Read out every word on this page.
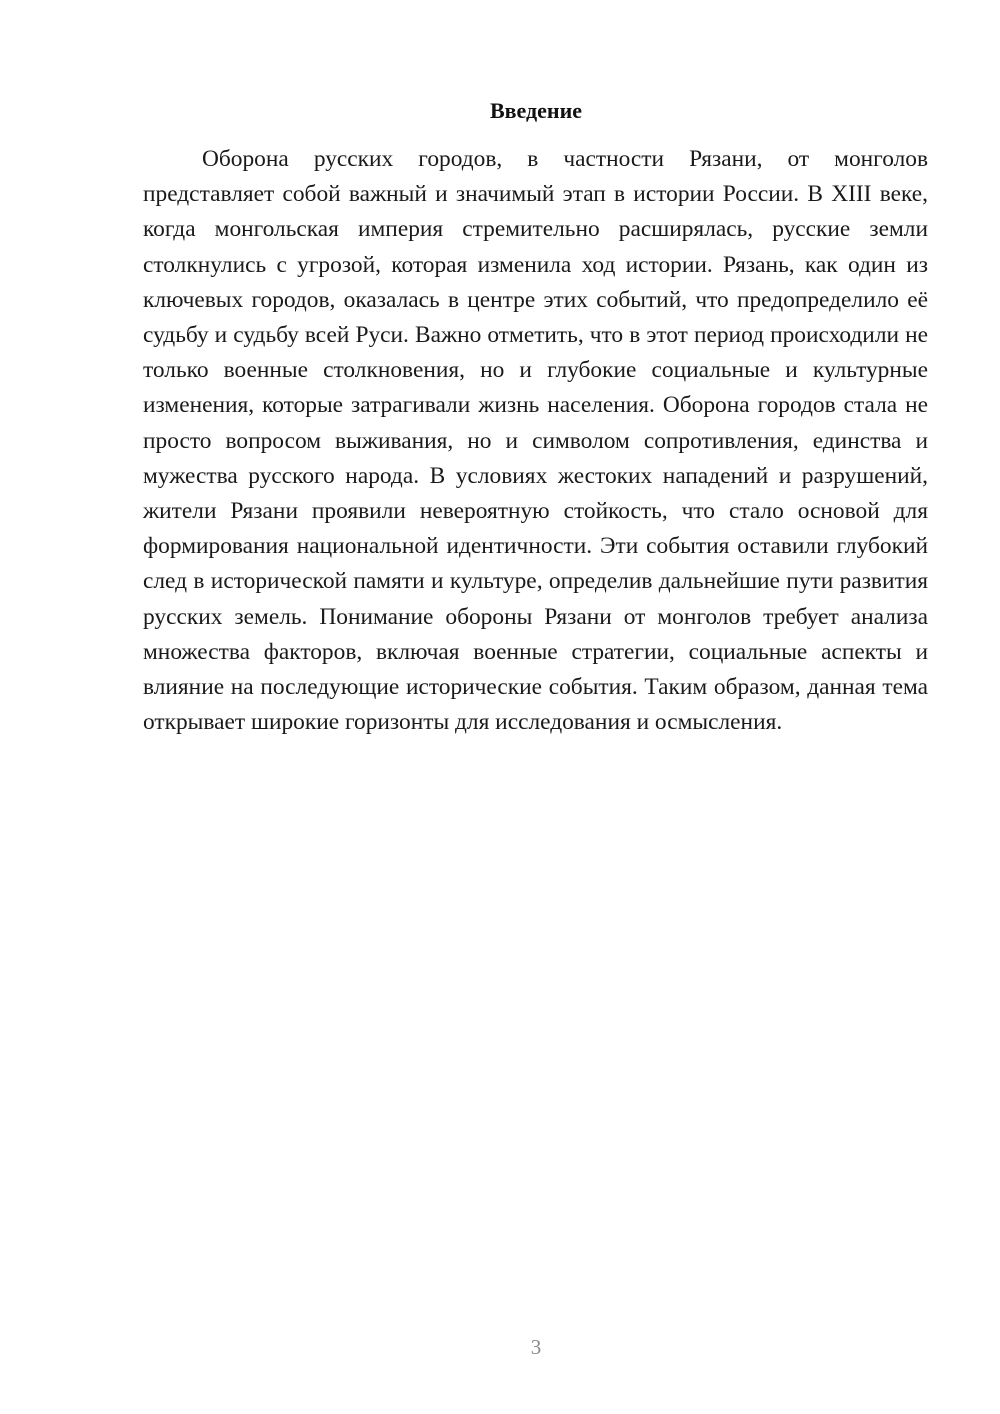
Введение

Оборона русских городов, в частности Рязани, от монголов представляет собой важный и значимый этап в истории России. В XIII веке, когда монгольская империя стремительно расширялась, русские земли столкнулись с угрозой, которая изменила ход истории. Рязань, как один из ключевых городов, оказалась в центре этих событий, что предопределило её судьбу и судьбу всей Руси. Важно отметить, что в этот период происходили не только военные столкновения, но и глубокие социальные и культурные изменения, которые затрагивали жизнь населения. Оборона городов стала не просто вопросом выживания, но и символом сопротивления, единства и мужества русского народа. В условиях жестоких нападений и разрушений, жители Рязани проявили невероятную стойкость, что стало основой для формирования национальной идентичности. Эти события оставили глубокий след в исторической памяти и культуре, определив дальнейшие пути развития русских земель. Понимание обороны Рязани от монголов требует анализа множества факторов, включая военные стратегии, социальные аспекты и влияние на последующие исторические события. Таким образом, данная тема открывает широкие горизонты для исследования и осмысления.

3
